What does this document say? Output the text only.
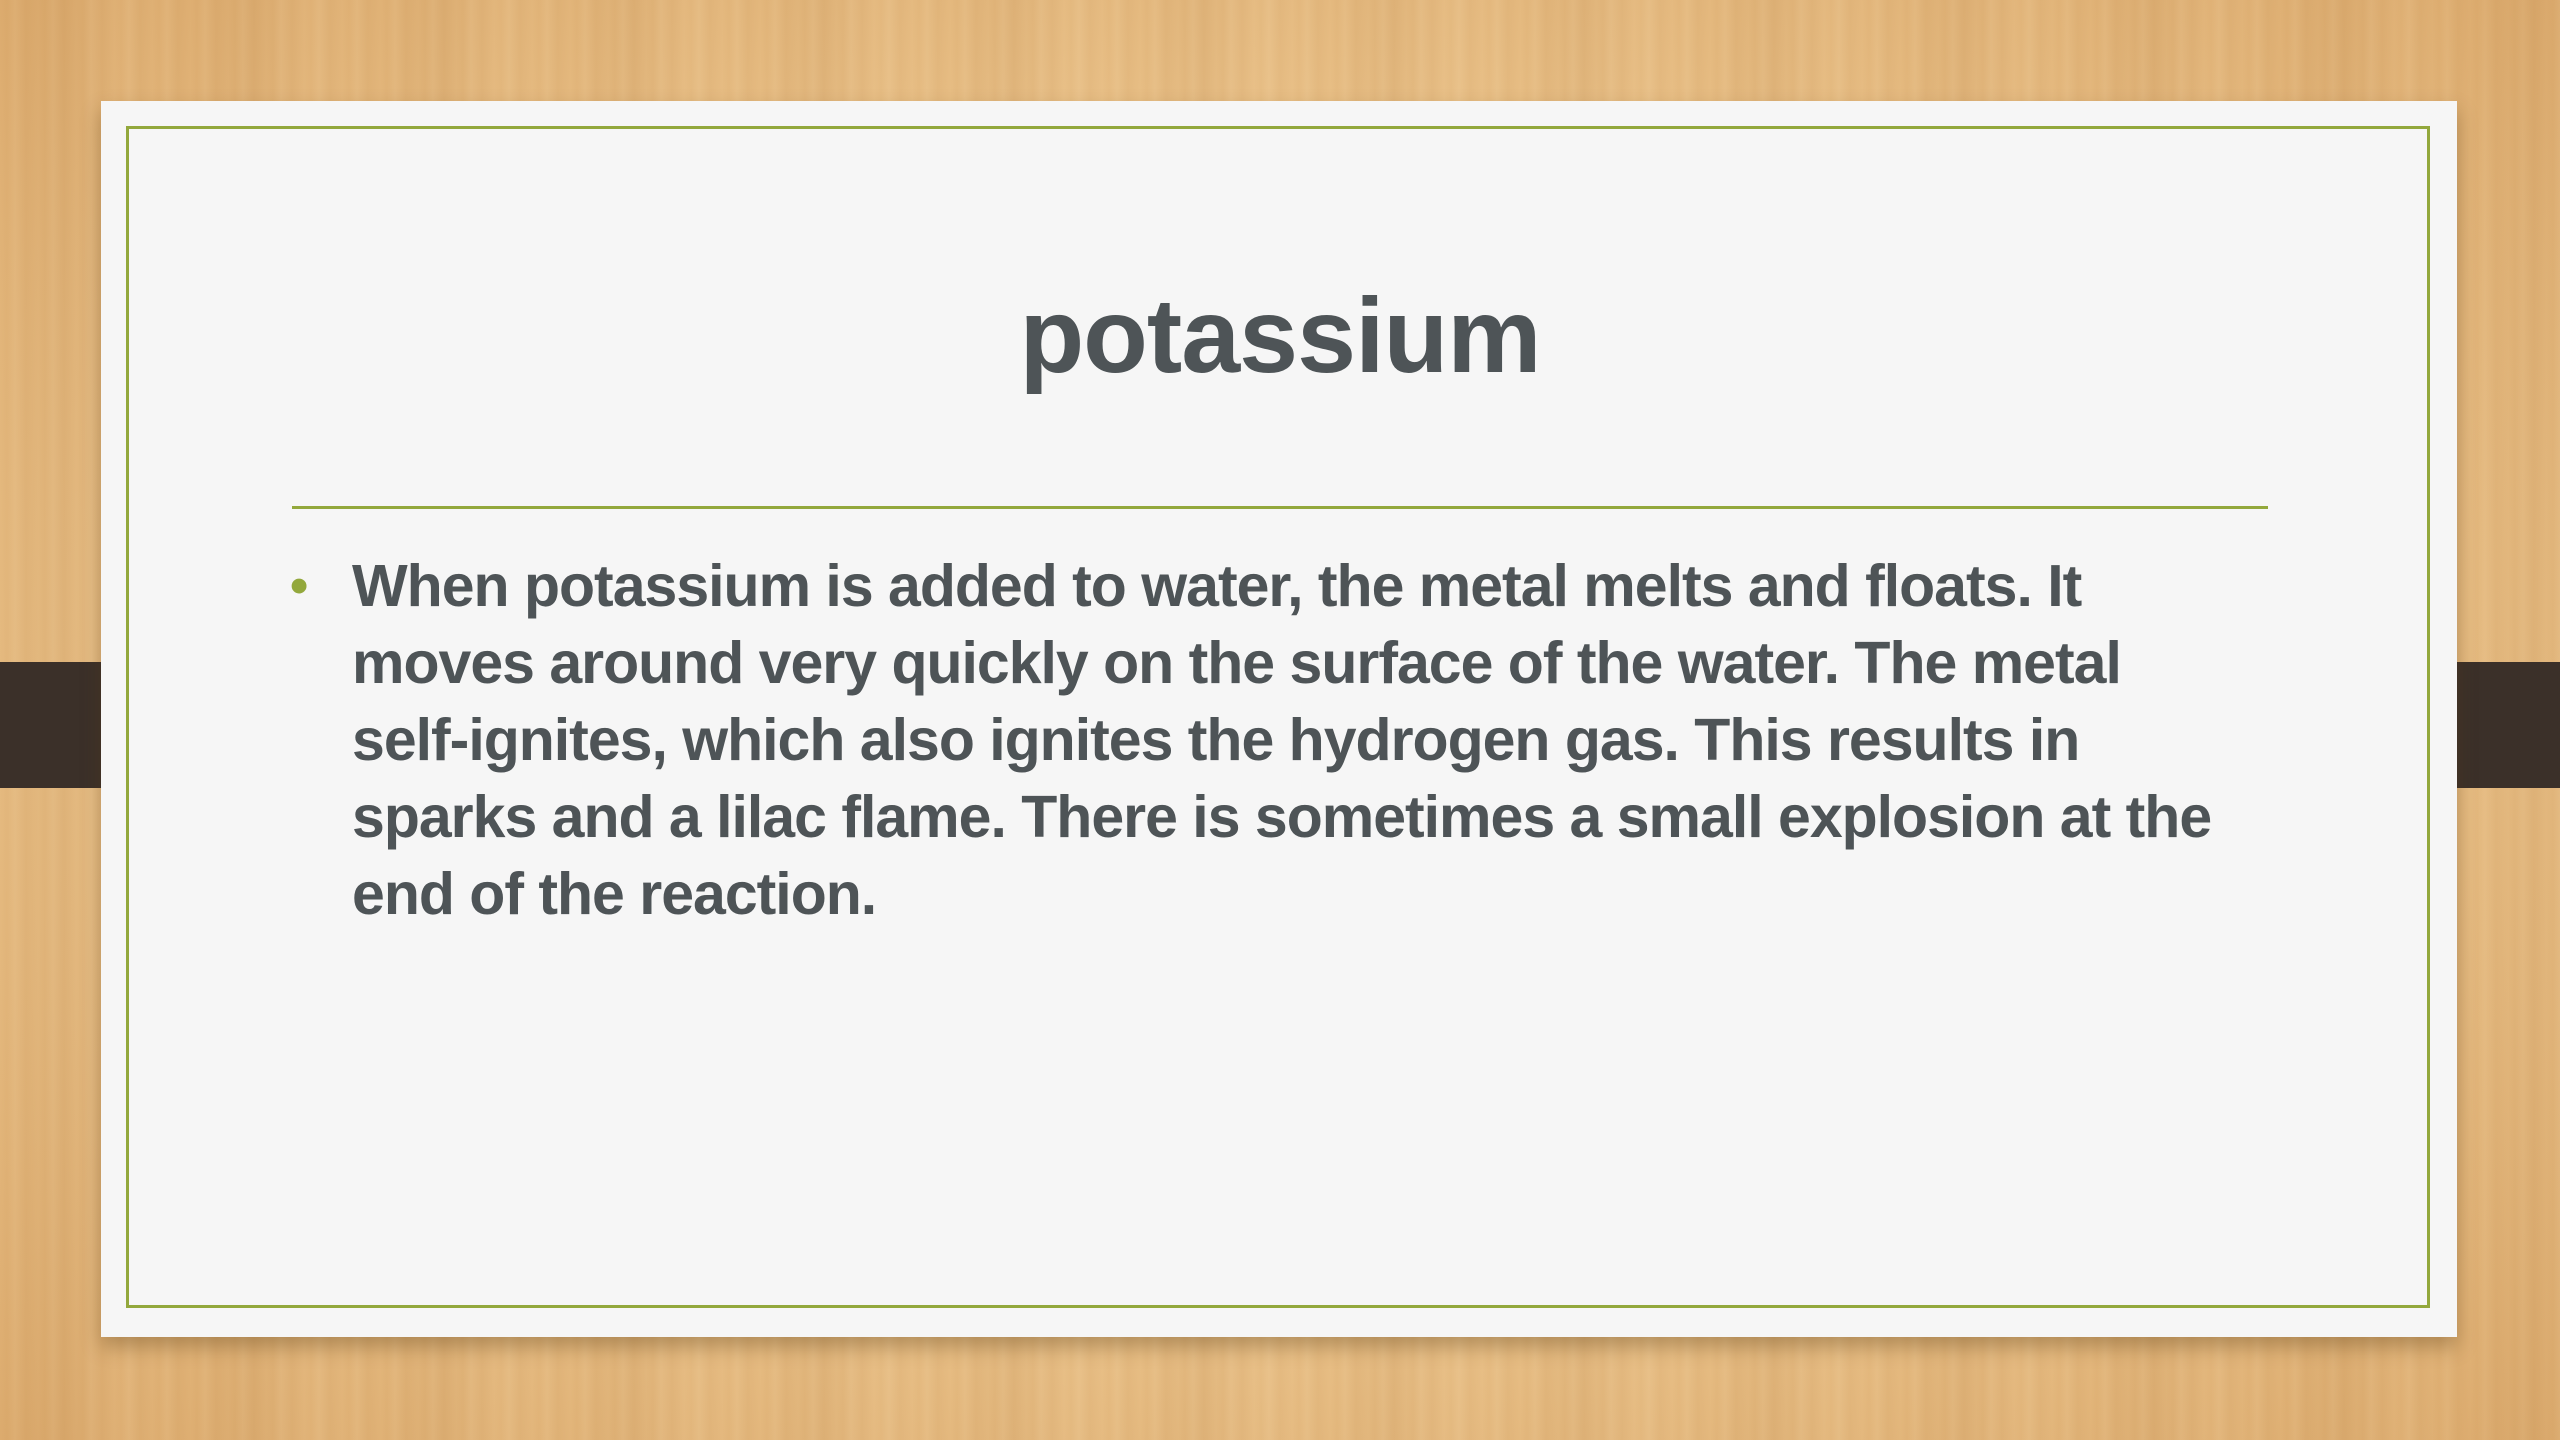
potassium
• When potassium is added to water, the metal melts and floats. It moves around very quickly on the surface of the water. The metal self-ignites, which also ignites the hydrogen gas. This results in sparks and a lilac flame. There is sometimes a small explosion at the end of the reaction.
